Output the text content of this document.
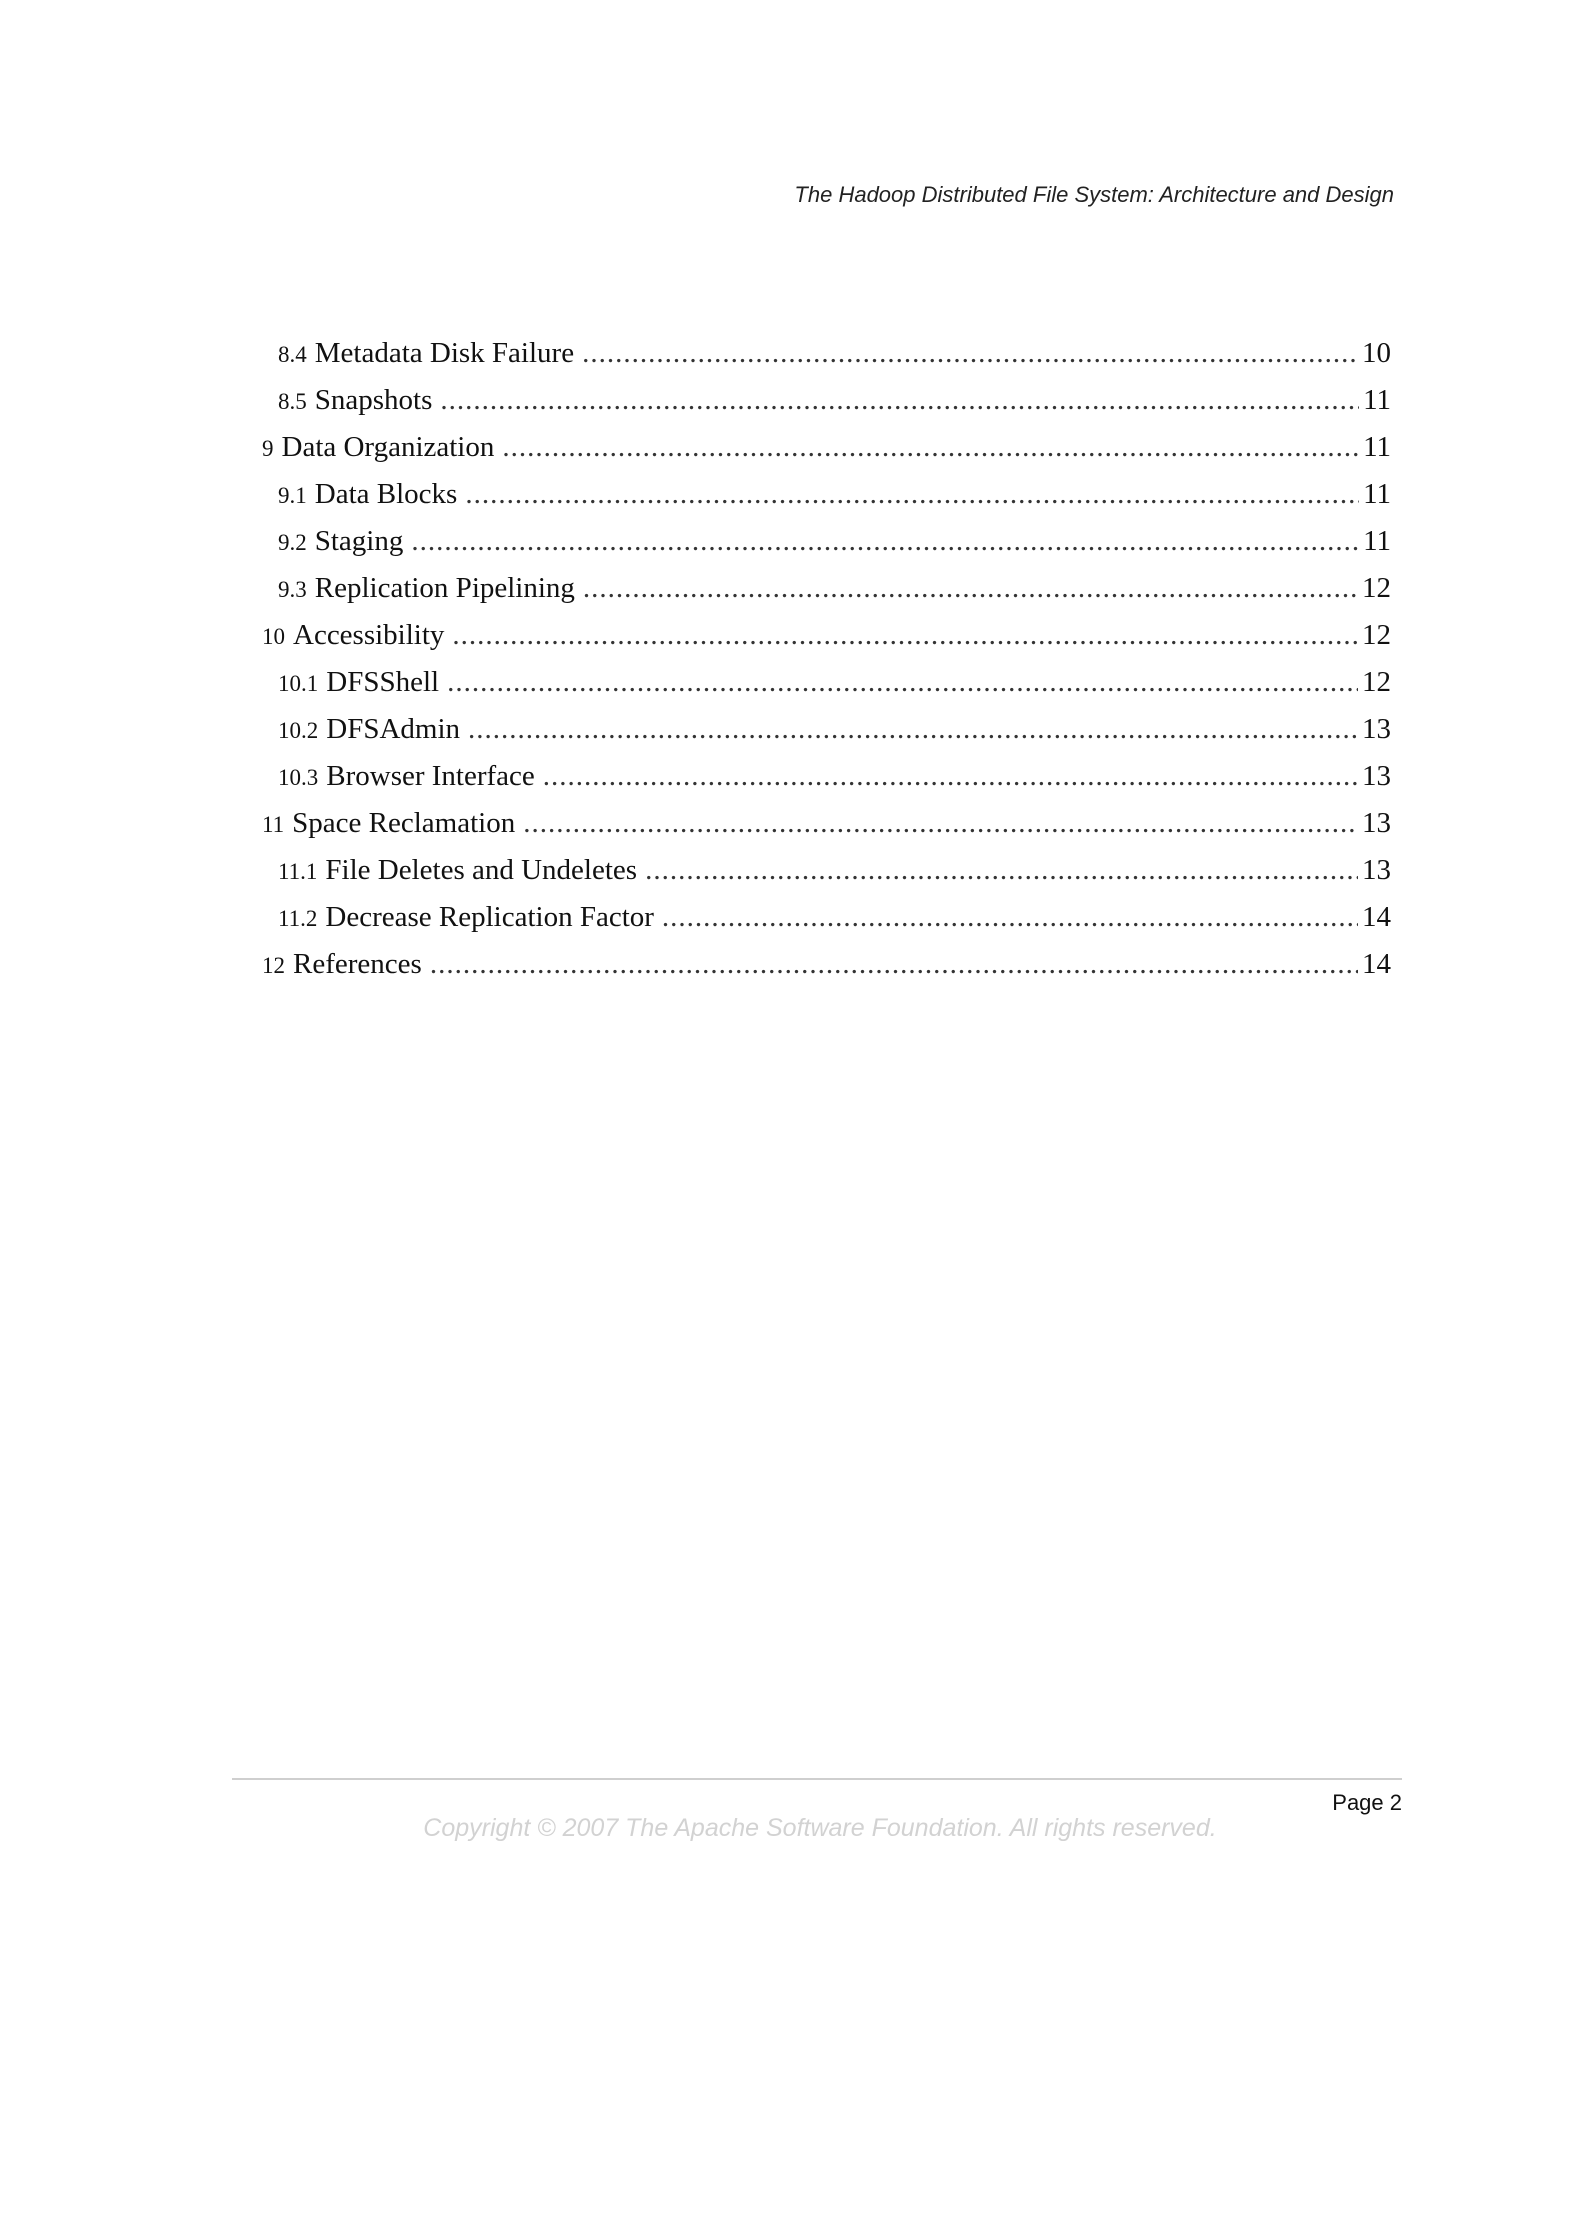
The Hadoop Distributed File System: Architecture and Design
8.4 Metadata Disk Failure .....	10
8.5 Snapshots .....	11
9 Data Organization .....	11
9.1 Data Blocks .....	11
9.2 Staging .....	11
9.3 Replication Pipelining .....	12
10 Accessibility .....	12
10.1 DFSShell .....	12
10.2 DFSAdmin .....	13
10.3 Browser Interface .....	13
11 Space Reclamation .....	13
11.1 File Deletes and Undeletes .....	13
11.2 Decrease Replication Factor .....	14
12 References .....	14
Page 2
Copyright © 2007 The Apache Software Foundation. All rights reserved.
